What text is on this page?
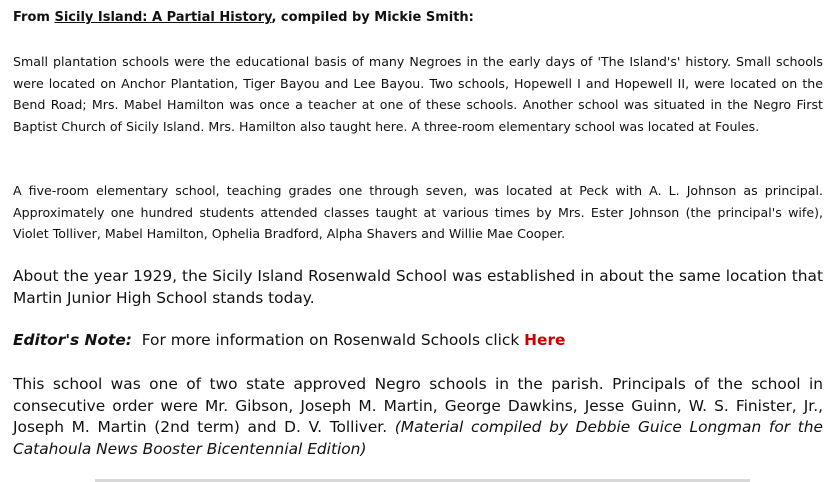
From Sicily Island: A Partial History, compiled by Mickie Smith:

Small plantation schools were the educational basis of many Negroes in the early days of 'The Island's' history. Small schools were located on Anchor Plantation, Tiger Bayou and Lee Bayou. Two schools, Hopewell I and Hopewell II, were located on the Bend Road; Mrs. Mabel Hamilton was once a teacher at one of these schools. Another school was situated in the Negro First Baptist Church of Sicily Island. Mrs. Hamilton also taught here. A three-room elementary school was located at Foules.

A five-room elementary school, teaching grades one through seven, was located at Peck with A. L. Johnson as principal. Approximately one hundred students attended classes taught at various times by Mrs. Ester Johnson (the principal's wife), Violet Tolliver, Mabel Hamilton, Ophelia Bradford, Alpha Shavers and Willie Mae Cooper.

About the year 1929, the Sicily Island Rosenwald School was established in about the same location that Martin Junior High School stands today.

Editor's Note:  For more information on Rosenwald Schools click Here

This school was one of two state approved Negro schools in the parish. Principals of the school in consecutive order were Mr. Gibson, Joseph M. Martin, George Dawkins, Jesse Guinn, W. S. Finister, Jr., Joseph M. Martin (2nd term) and D. V. Tolliver. (Material compiled by Debbie Guice Longman for the Catahoula News Booster Bicentennial Edition)
